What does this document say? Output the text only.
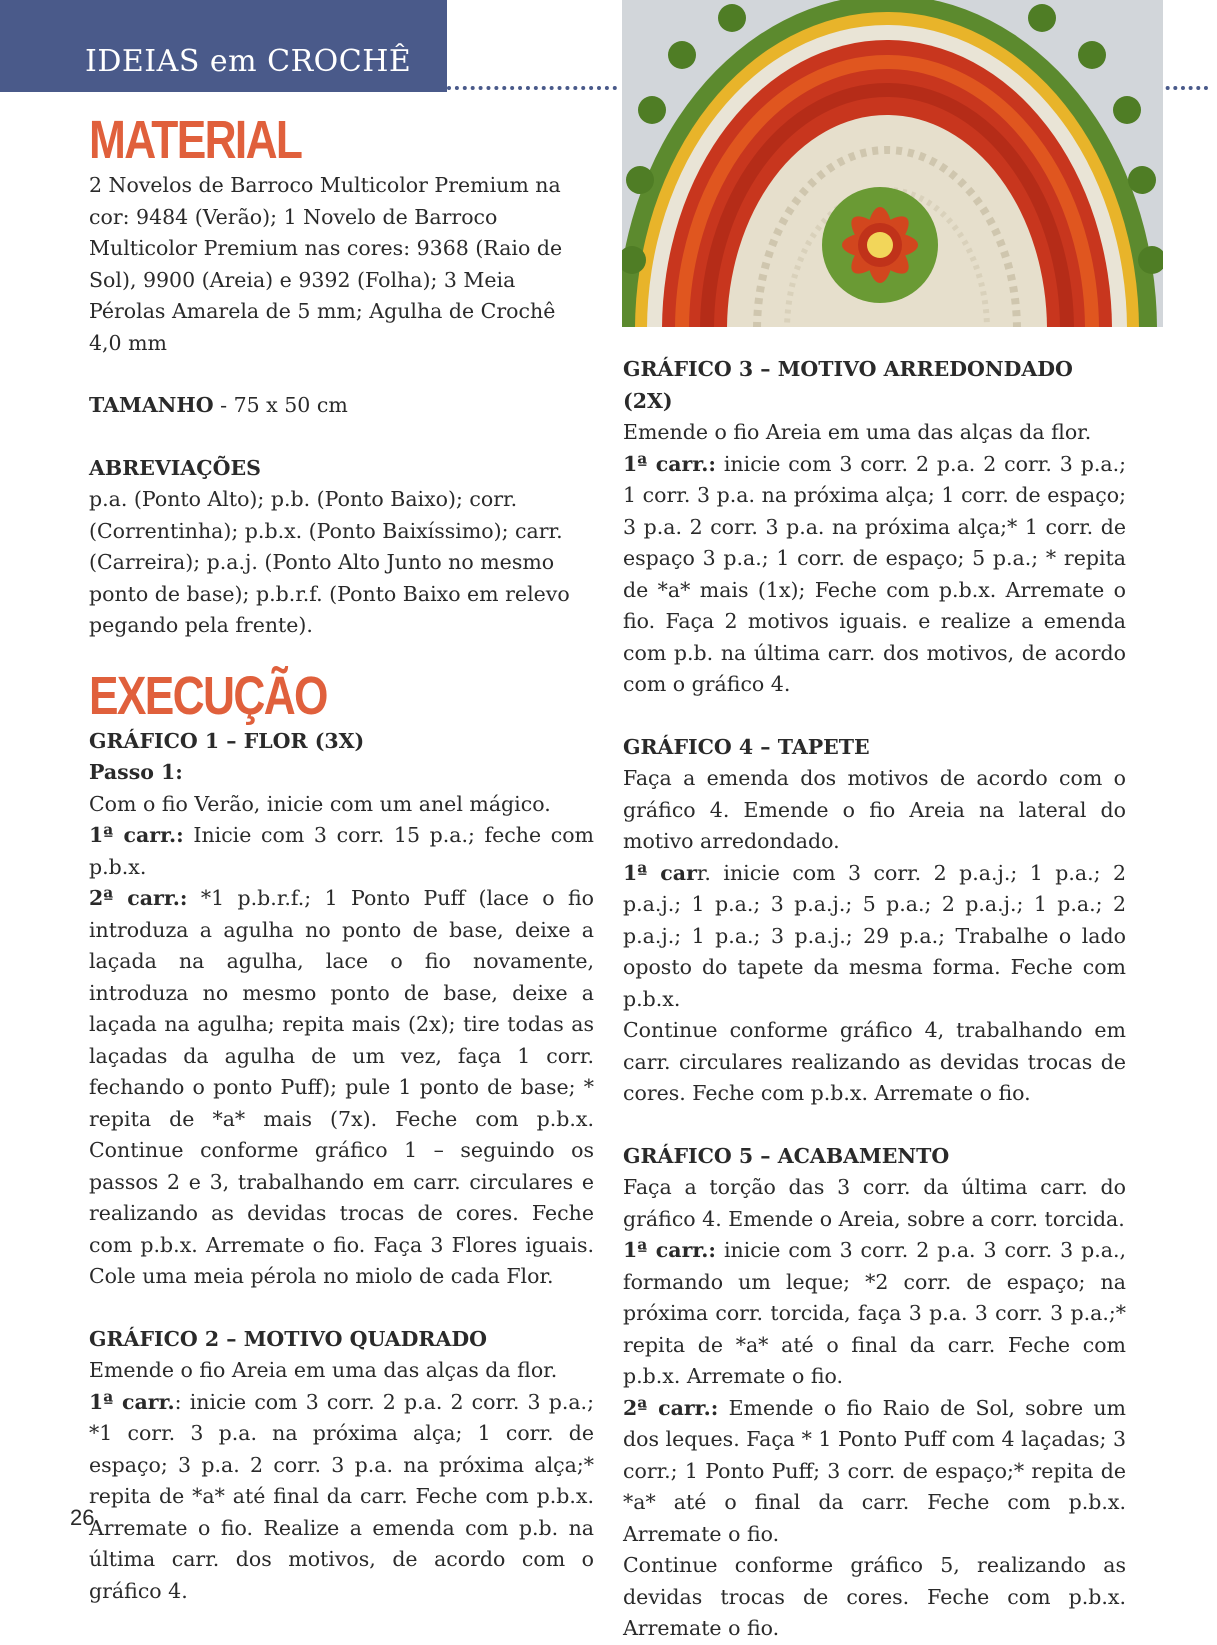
IDEIAS em CROCHÊ
MATERIAL

2 Novelos de Barroco Multicolor Premium na cor: 9484 (Verão); 1 Novelo de Barroco Multicolor Premium nas cores: 9368 (Raio de Sol), 9900 (Areia) e 9392 (Folha); 3 Meia Pérolas Amarela de 5 mm; Agulha de Crochê 4,0 mm

TAMANHO - 75 x 50 cm

ABREVIAÇÕES

p.a. (Ponto Alto); p.b. (Ponto Baixo); corr. (Correntinha); p.b.x. (Ponto Baixíssimo); carr. (Carreira); p.a.j. (Ponto Alto Junto no mesmo ponto de base); p.b.r.f. (Ponto Baixo em relevo pegando pela frente).

EXECUÇÃO

GRÁFICO 1 – FLOR (3X)

Passo 1:

Com o fio Verão, inicie com um anel mágico.

1ª carr.: Inicie com 3 corr. 15 p.a.; feche com p.b.x.

2ª carr.: *1 p.b.r.f.; 1 Ponto Puff (lace o fio introduza a agulha no ponto de base, deixe a laçada na agulha, lace o fio novamente, introduza no mesmo ponto de base, deixe a laçada na agulha; repita mais (2x); tire todas as laçadas da agulha de um vez, faça 1 corr. fechando o ponto Puff); pule 1 ponto de base; * repita de *a* mais (7x). Feche com p.b.x. Continue conforme gráfico 1 – seguindo os passos 2 e 3, trabalhando em carr. circulares e realizando as devidas trocas de cores. Feche com p.b.x. Arremate o fio. Faça 3 Flores iguais. Cole uma meia pérola no miolo de cada Flor.

GRÁFICO 2 – MOTIVO QUADRADO

Emende o fio Areia em uma das alças da flor.

1ª carr.: inicie com 3 corr. 2 p.a. 2 corr. 3 p.a.; *1 corr. 3 p.a. na próxima alça; 1 corr. de espaço; 3 p.a. 2 corr. 3 p.a. na próxima alça;* repita de *a* até final da carr. Feche com p.b.x. Arremate o fio. Realize a emenda com p.b. na última carr. dos motivos, de acordo com o gráfico 4.

GRÁFICO 3 – MOTIVO ARREDONDADO (2X)

Emende o fio Areia em uma das alças da flor.

1ª carr.: inicie com 3 corr. 2 p.a. 2 corr. 3 p.a.; 1 corr. 3 p.a. na próxima alça; 1 corr. de espaço; 3 p.a. 2 corr. 3 p.a. na próxima alça;* 1 corr. de espaço 3 p.a.; 1 corr. de espaço; 5 p.a.; * repita de *a* mais (1x); Feche com p.b.x. Arremate o fio. Faça 2 motivos iguais. e realize a emenda com p.b. na última carr. dos motivos, de acordo com o gráfico 4.

GRÁFICO 4 – TAPETE

Faça a emenda dos motivos de acordo com o gráfico 4. Emende o fio Areia na lateral do motivo arredondado.

1ª carr. inicie com 3 corr. 2 p.a.j.; 1 p.a.; 2 p.a.j.; 1 p.a.; 3 p.a.j.; 5 p.a.; 2 p.a.j.; 1 p.a.; 2 p.a.j.; 1 p.a.; 3 p.a.j.; 29 p.a.; Trabalhe o lado oposto do tapete da mesma forma. Feche com p.b.x.

Continue conforme gráfico 4, trabalhando em carr. circulares realizando as devidas trocas de cores. Feche com p.b.x. Arremate o fio.

GRÁFICO 5 – ACABAMENTO

Faça a torção das 3 corr. da última carr. do gráfico 4. Emende o Areia, sobre a corr. torcida.

1ª carr.: inicie com 3 corr. 2 p.a. 3 corr. 3 p.a., formando um leque; *2 corr. de espaço; na próxima corr. torcida, faça 3 p.a. 3 corr. 3 p.a.;* repita de *a* até o final da carr. Feche com p.b.x. Arremate o fio.

2ª carr.: Emende o fio Raio de Sol, sobre um dos leques. Faça * 1 Ponto Puff com 4 laçadas; 3 corr.; 1 Ponto Puff; 3 corr. de espaço;* repita de *a* até o final da carr. Feche com p.b.x. Arremate o fio.

Continue conforme gráfico 5, realizando as devidas trocas de cores. Feche com p.b.x. Arremate o fio.

26
